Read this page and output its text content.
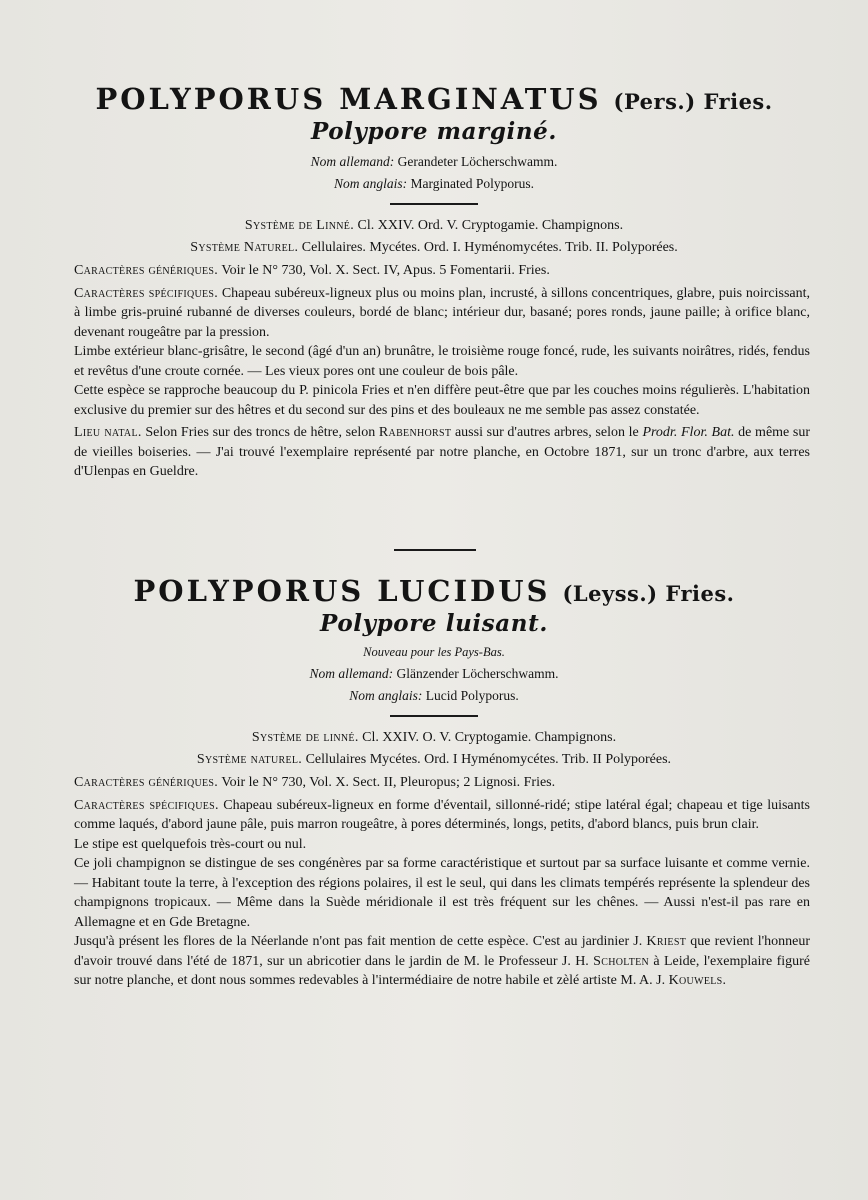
POLYPORUS MARGINATUS (Pers.) Fries.
Polypore marginé.
Nom allemand: Gerandeter Löcherschwamm.
Nom anglais: Marginated Polyporus.
Système de Linné. Cl. XXIV. Ord. V. Cryptogamie. Champignons.
Système Naturel. Cellulaires. Mycétes. Ord. I. Hyménomycétes. Trib. II. Polyporées.

Caractères génériques. Voir le N° 730, Vol. X. Sect. IV, Apus. 5 Fomentarii. Fries.

Caractères spécifiques. Chapeau subéreux-ligneux plus ou moins plan, incrusté, à sillons concentriques, glabre, puis noircissant, à limbe gris-pruiné rubanné de diverses couleurs, bordé de blanc; intérieur dur, basané; pores ronds, jaune paille; à orifice blanc, devenant rougeâtre par la pression.

Limbe extérieur blanc-grisâtre, le second (âgé d'un an) brunâtre, le troisième rouge foncé, rude, les suivants noirâtres, ridés, fendus et revêtus d'une croute cornée. — Les vieux pores ont une couleur de bois pâle.

Cette espèce se rapproche beaucoup du P. pinicola Fries et n'en diffère peut-être que par les couches moins régulierès. L'habitation exclusive du premier sur des hêtres et du second sur des pins et des bouleaux ne me semble pas assez constatée.

Lieu natal. Selon Fries sur des troncs de hêtre, selon Rabenhorst aussi sur d'autres arbres, selon le Prodr. Flor. Bat. de même sur de vieilles boiseries. — J'ai trouvé l'exemplaire représenté par notre planche, en Octobre 1871, sur un tronc d'arbre, aux terres d'Ulenpas en Gueldre.

POLYPORUS LUCIDUS (Leyss.) Fries.
Polypore luisant.
Nouveau pour les Pays-Bas.
Nom allemand: Glänzender Löcherschwamm.
Nom anglais: Lucid Polyporus.
Système de linné. Cl. XXIV. O. V. Cryptogamie. Champignons.
Système naturel. Cellulaires Mycétes. Ord. I Hyménomycétes. Trib. II Polyporées.

Caractères génériques. Voir le N° 730, Vol. X. Sect. II, Pleuropus; 2 Lignosi. Fries.

Caractères spécifiques. Chapeau subéreux-ligneux en forme d'éventail, sillonné-ridé; stipe latéral égal; chapeau et tige luisants comme laqués, d'abord jaune pâle, puis marron rougeâtre, à pores déterminés, longs, petits, d'abord blancs, puis brun clair.

Le stipe est quelquefois très-court ou nul.

Ce joli champignon se distingue de ses congénères par sa forme caractéristique et surtout par sa surface luisante et comme vernie. — Habitant toute la terre, à l'exception des régions polaires, il est le seul, qui dans les climats tempérés représente la splendeur des champignons tropicaux. — Même dans la Suède méridionale il est très fréquent sur les chênes. — Aussi n'est-il pas rare en Allemagne et en Gde Bretagne.

Jusqu'à présent les flores de la Néerlande n'ont pas fait mention de cette espèce. C'est au jardinier J. Kriest que revient l'honneur d'avoir trouvé dans l'été de 1871, sur un abricotier dans le jardin de M. le Professeur J. H. Scholten à Leide, l'exemplaire figuré sur notre planche, et dont nous sommes redevables à l'intermédiaire de notre habile et zèlé artiste M. A. J. Kouwels.
